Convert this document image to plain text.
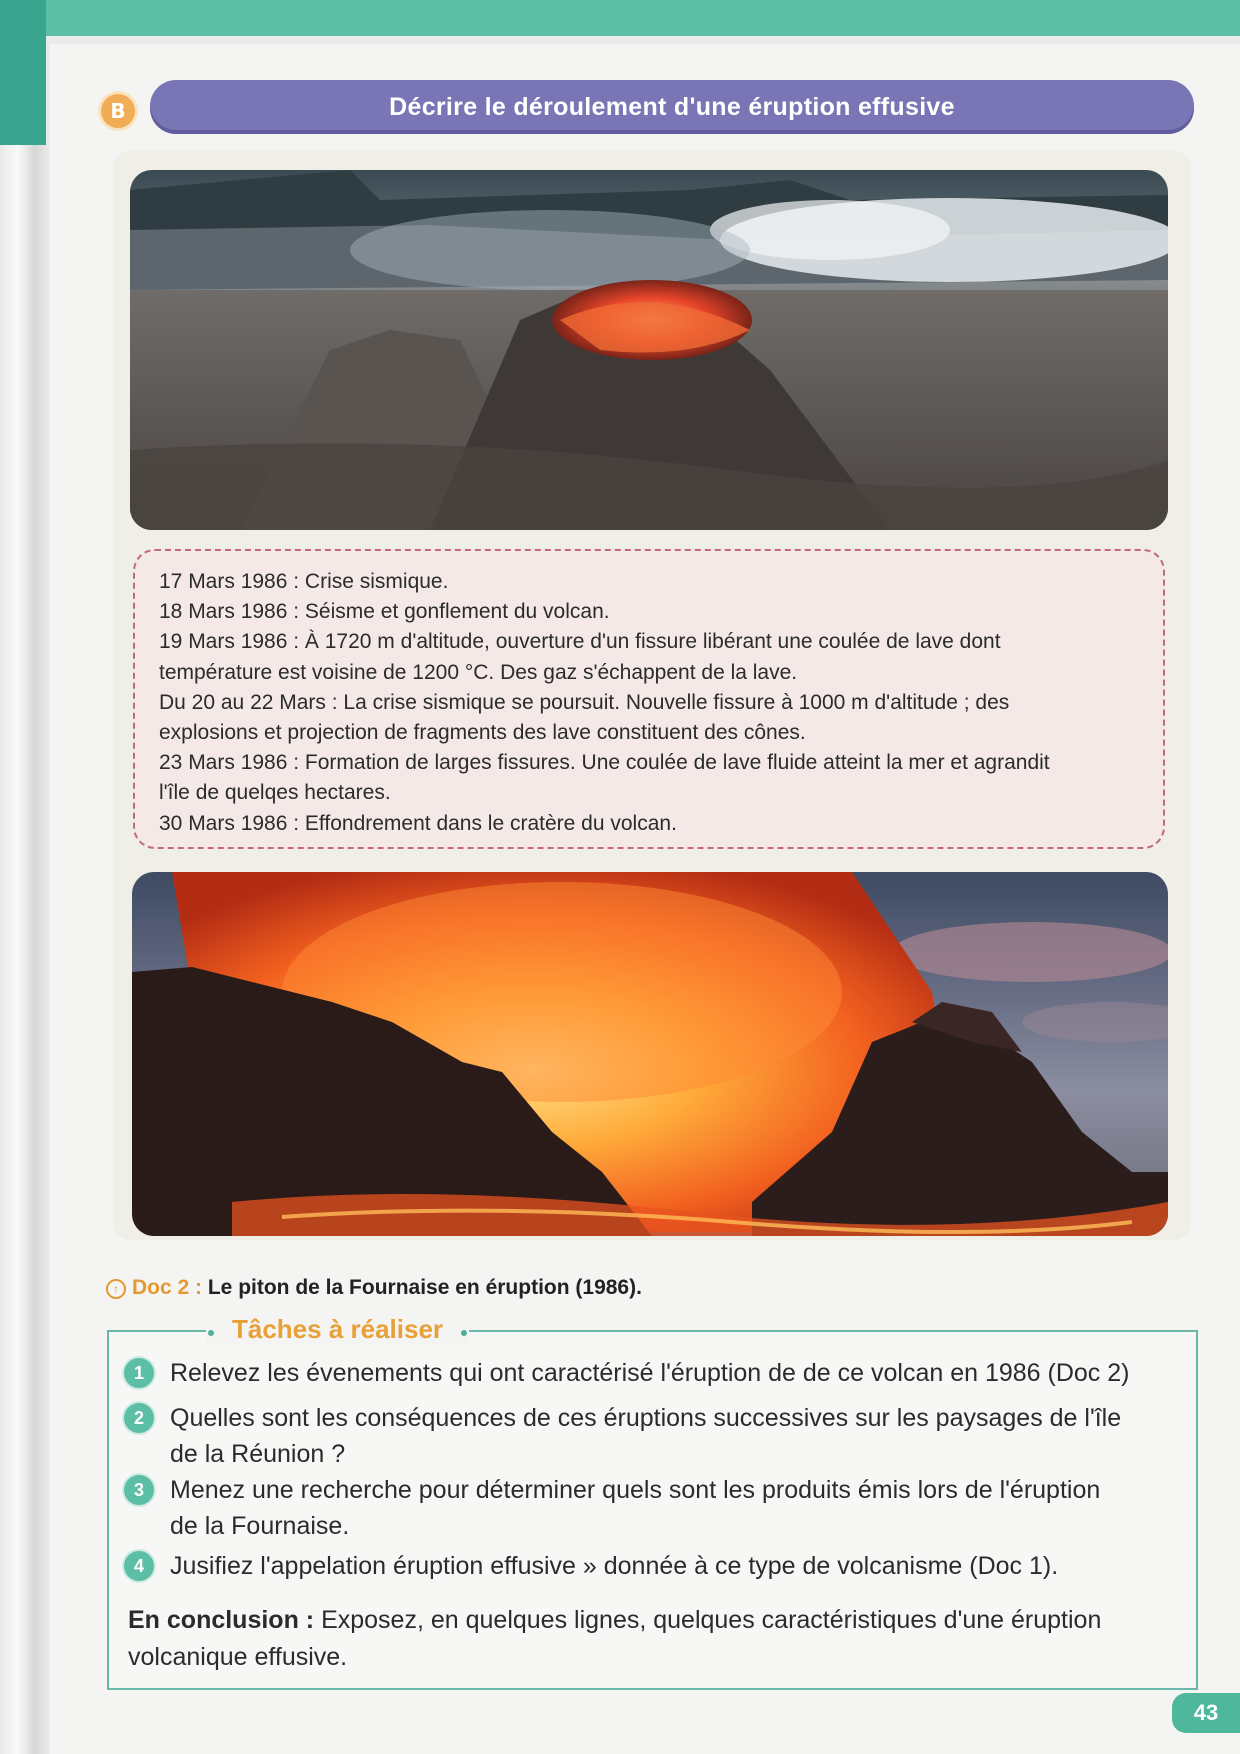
B	Décrire le déroulement d'une éruption effusive
17 Mars 1986 : Crise sismique.
18 Mars 1986 : Séisme et gonflement du volcan.
19 Mars 1986 : À 1720 m d'altitude, ouverture d'un fissure libérant une coulée de lave dont
température est voisine de 1200 °C. Des gaz s'échappent de la lave.
Du 20 au 22 Mars : La crise sismique se poursuit. Nouvelle fissure à 1000 m d'altitude ; des
explosions et projection de fragments des lave constituent des cônes.
23 Mars 1986 : Formation de larges fissures. Une coulée de lave fluide atteint la mer et agrandit
l'île de quelqes hectares.
30 Mars 1986 : Effondrement dans le cratère du volcan.
↑ Doc 2 : Le piton de la Fournaise en éruption (1986).
Tâches à réaliser
1	Relevez les évenements qui ont caractérisé l'éruption de de ce volcan en 1986 (Doc 2)
2	Quelles sont les conséquences de ces éruptions successives sur les paysages de l'île
de la Réunion ?
3	Menez une recherche pour déterminer quels sont les produits émis lors de l'éruption
de la Fournaise.
4	Jusifiez l'appelation éruption effusive » donnée à ce type de volcanisme (Doc 1).
En conclusion : Exposez, en quelques lignes, quelques caractéristiques d'une éruption
volcanique effusive.
43
